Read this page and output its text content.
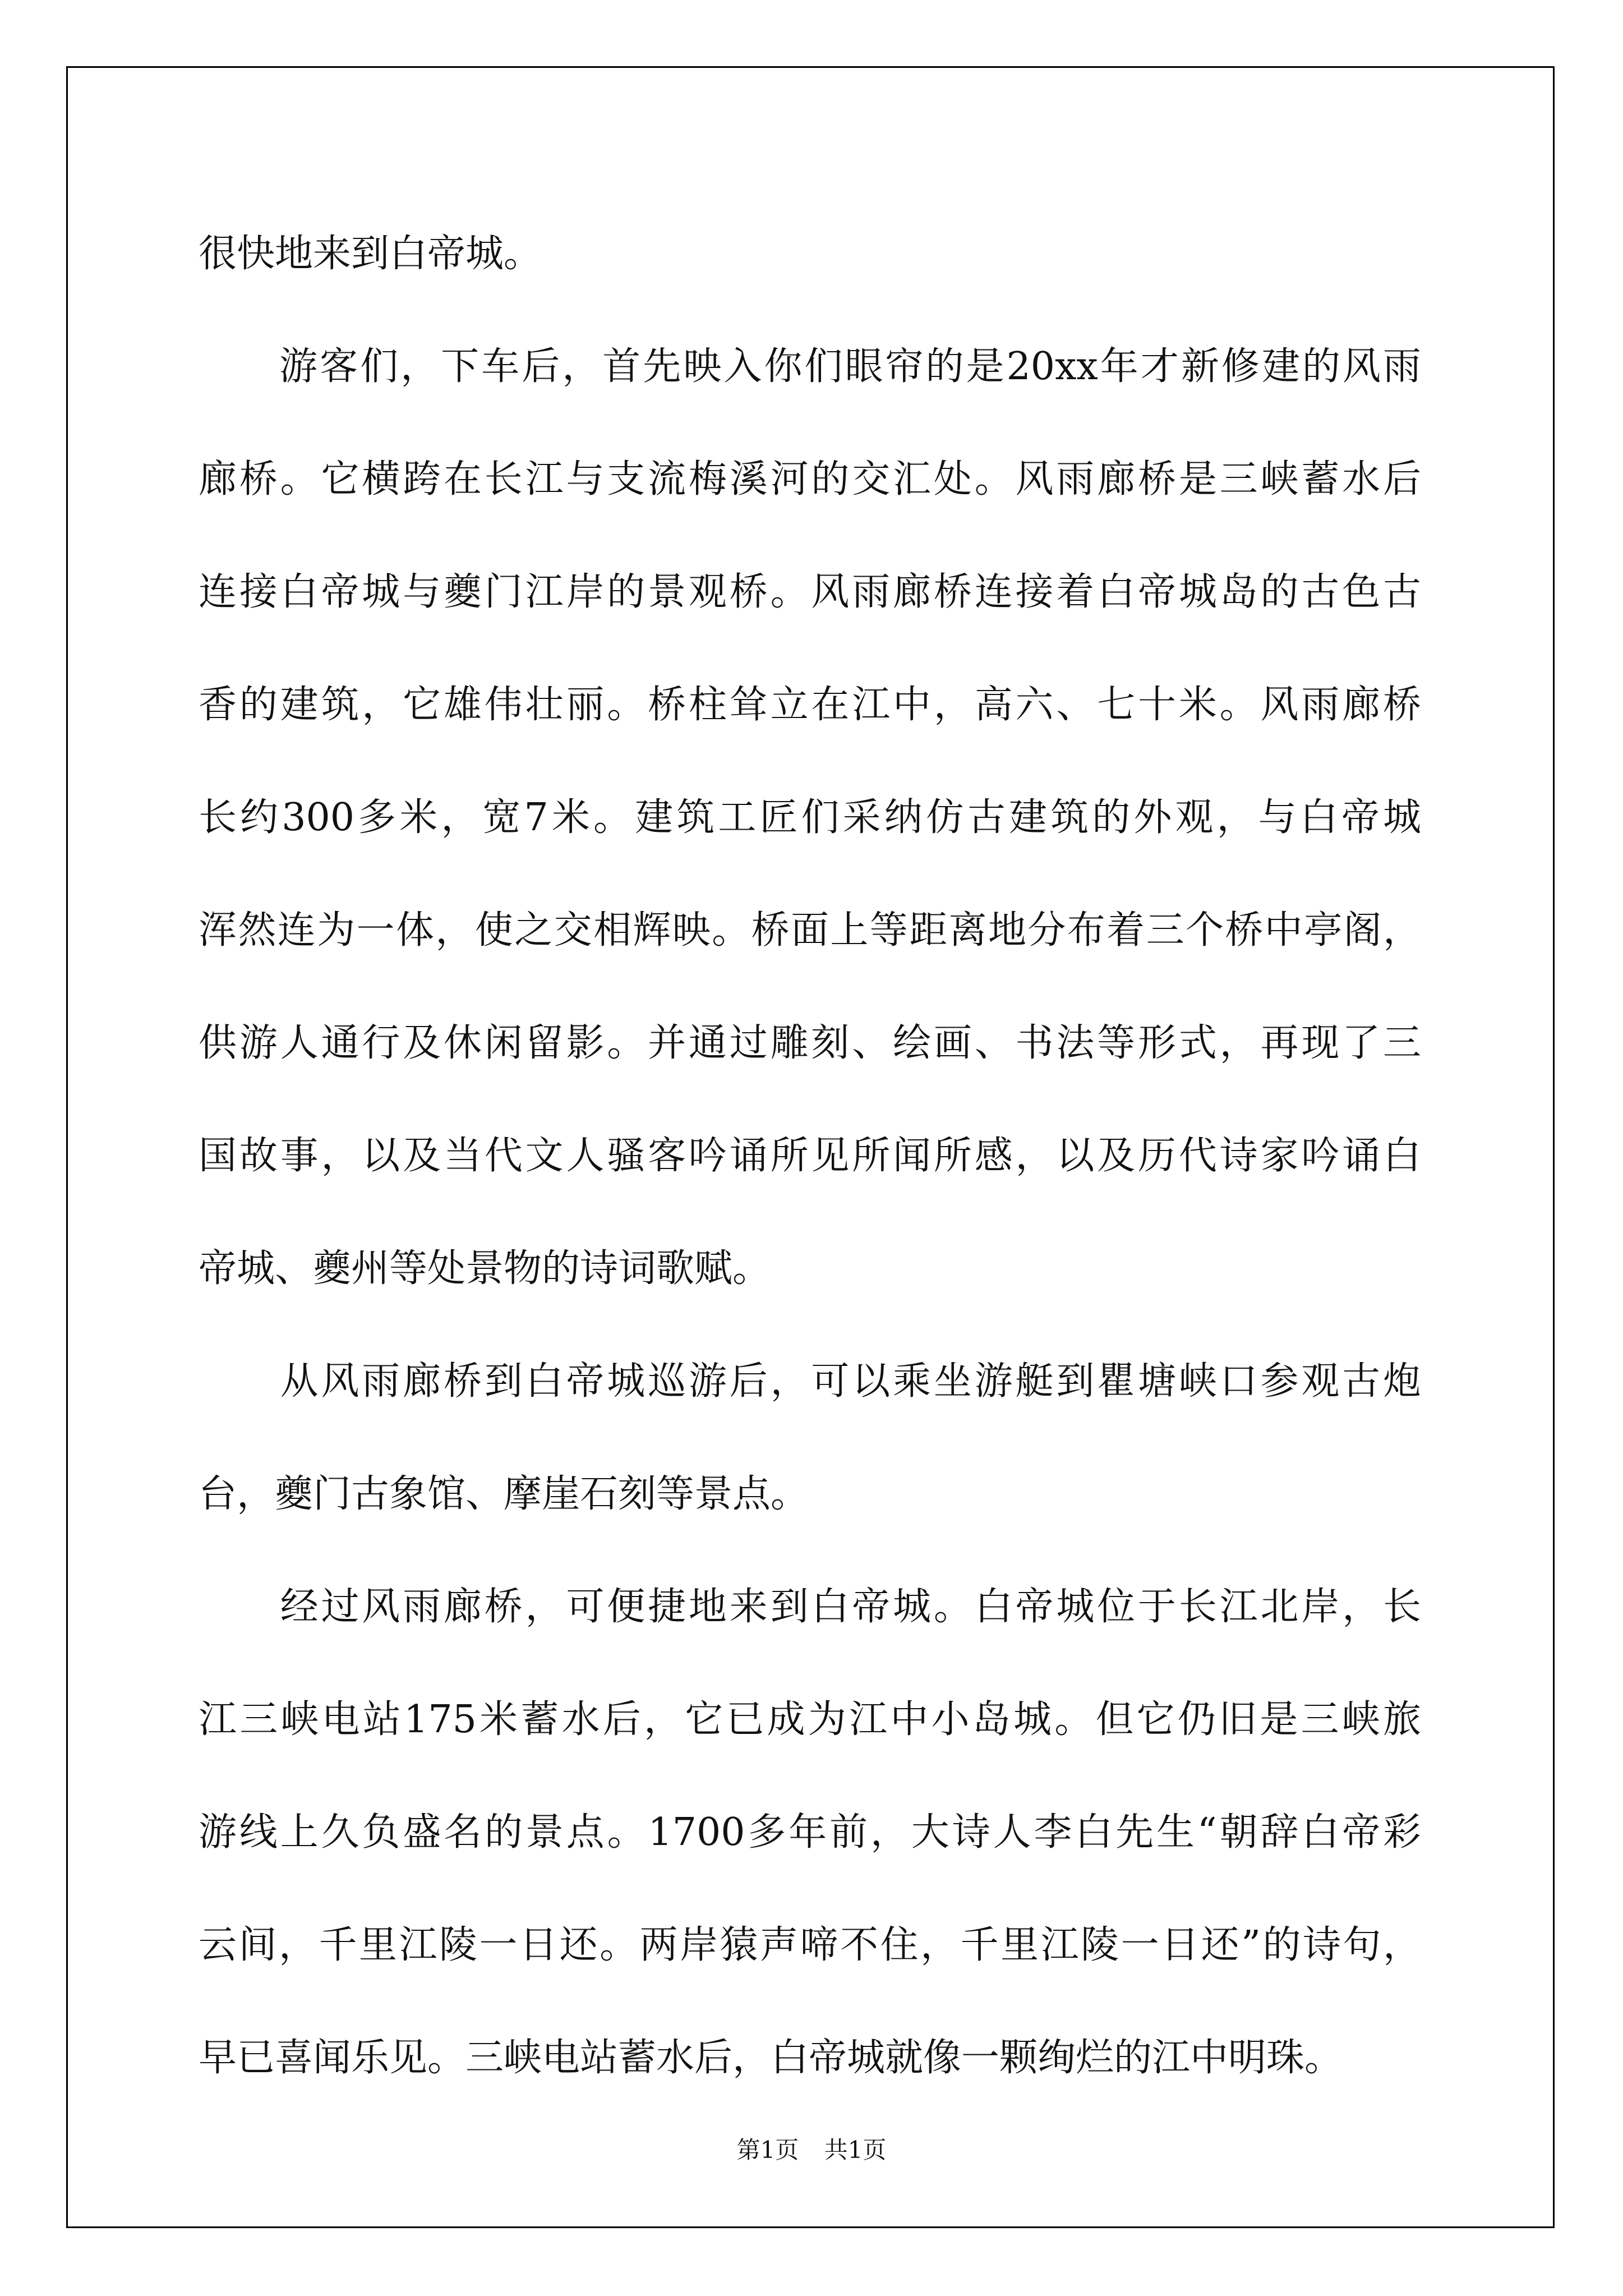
很快地来到白帝城。
　　游客们，下车后，首先映入你们眼帘的是20xx年才新修建的风雨
廊桥。它横跨在长江与支流梅溪河的交汇处。风雨廊桥是三峡蓄水后
连接白帝城与夔门江岸的景观桥。风雨廊桥连接着白帝城岛的古色古
香的建筑，它雄伟壮丽。桥柱耸立在江中，高六、七十米。风雨廊桥
长约300多米，宽7米。建筑工匠们采纳仿古建筑的外观，与白帝城
浑然连为一体，使之交相辉映。桥面上等距离地分布着三个桥中亭阁，
供游人通行及休闲留影。并通过雕刻、绘画、书法等形式，再现了三
国故事，以及当代文人骚客吟诵所见所闻所感，以及历代诗家吟诵白
帝城、夔州等处景物的诗词歌赋。
　　从风雨廊桥到白帝城巡游后，可以乘坐游艇到瞿塘峡口参观古炮
台，夔门古象馆、摩崖石刻等景点。
　　经过风雨廊桥，可便捷地来到白帝城。白帝城位于长江北岸，长
江三峡电站175米蓄水后，它已成为江中小岛城。但它仍旧是三峡旅
游线上久负盛名的景点。1700多年前，大诗人李白先生“朝辞白帝彩
云间，千里江陵一日还。两岸猿声啼不住，千里江陵一日还”的诗句，
早已喜闻乐见。三峡电站蓄水后，白帝城就像一颗绚烂的江中明珠。
第1页 共1页
